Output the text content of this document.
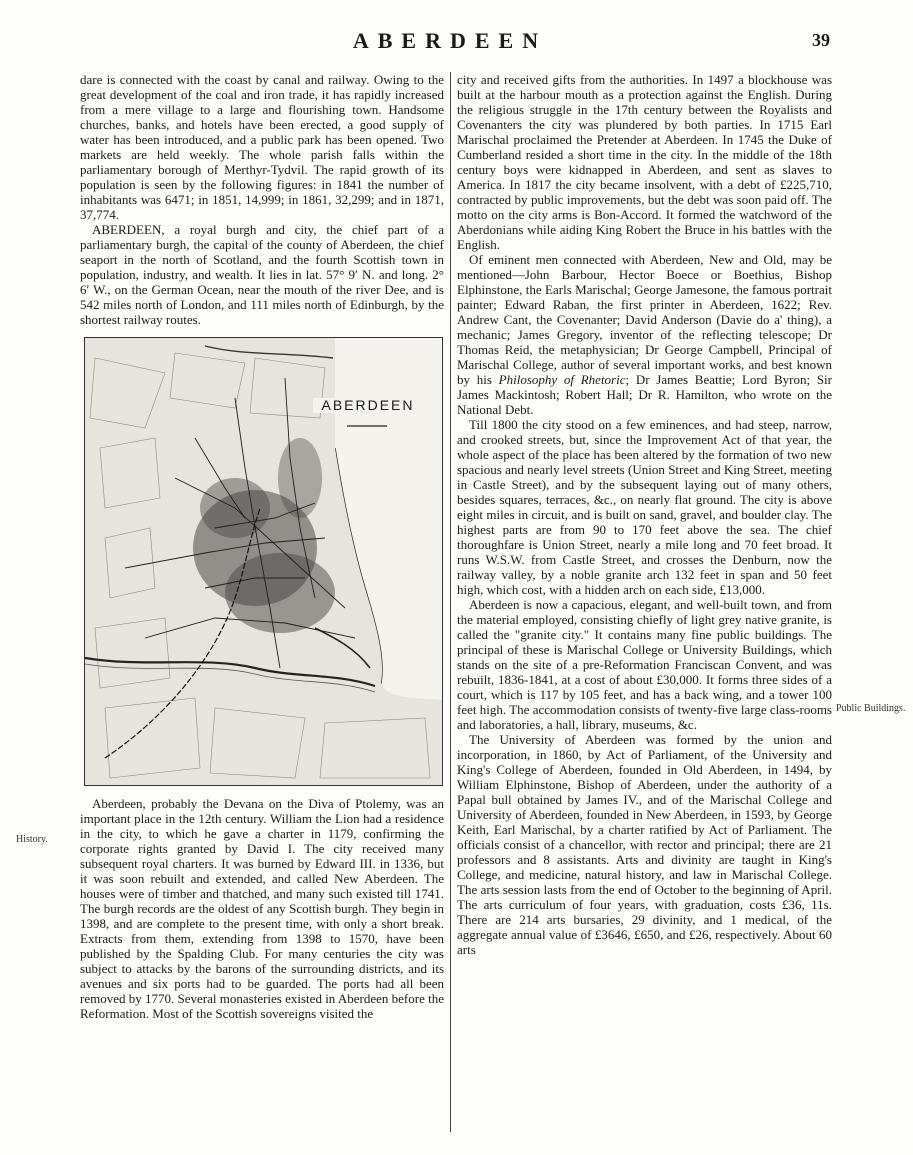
ABERDEEN	39
History.
Public Buildings.

dare is connected with the coast by canal and railway. Owing to the great development of the coal and iron trade, it has rapidly increased from a mere village to a large and flourishing town. Handsome churches, banks, and hotels have been erected, a good supply of water has been introduced, and a public park has been opened. Two markets are held weekly. The whole parish falls within the parliamentary borough of Merthyr-Tydvil. The rapid growth of its population is seen by the following figures: in 1841 the number of inhabitants was 6471; in 1851, 14,999; in 1861, 32,299; and in 1871, 37,774.

ABERDEEN, a royal burgh and city, the chief part of a parliamentary burgh, the capital of the county of Aberdeen, the chief seaport in the north of Scotland, and the fourth Scottish town in population, industry, and wealth. It lies in lat. 57° 9′ N. and long. 2° 6′ W., on the German Ocean, near the mouth of the river Dee, and is 542 miles north of London, and 111 miles north of Edinburgh, by the shortest railway routes.

ABERDEEN

Aberdeen, probably the Devana on the Diva of Ptolemy, was an important place in the 12th century. William the Lion had a residence in the city, to which he gave a charter in 1179, confirming the corporate rights granted by David I. The city received many subsequent royal charters. It was burned by Edward III. in 1336, but it was soon rebuilt and extended, and called New Aberdeen. The houses were of timber and thatched, and many such existed till 1741. The burgh records are the oldest of any Scottish burgh. They begin in 1398, and are complete to the present time, with only a short break. Extracts from them, extending from 1398 to 1570, have been published by the Spalding Club. For many centuries the city was subject to attacks by the barons of the surrounding districts, and its avenues and six ports had to be guarded. The ports had all been removed by 1770. Several monasteries existed in Aberdeen before the Reformation. Most of the Scottish sovereigns visited the

city and received gifts from the authorities. In 1497 a blockhouse was built at the harbour mouth as a protection against the English. During the religious struggle in the 17th century between the Royalists and Covenanters the city was plundered by both parties. In 1715 Earl Marischal proclaimed the Pretender at Aberdeen. In 1745 the Duke of Cumberland resided a short time in the city. In the middle of the 18th century boys were kidnapped in Aberdeen, and sent as slaves to America. In 1817 the city became insolvent, with a debt of £225,710, contracted by public improvements, but the debt was soon paid off. The motto on the city arms is Bon-Accord. It formed the watchword of the Aberdonians while aiding King Robert the Bruce in his battles with the English.

Of eminent men connected with Aberdeen, New and Old, may be mentioned—John Barbour, Hector Boece or Boethius, Bishop Elphinstone, the Earls Marischal; George Jamesone, the famous portrait painter; Edward Raban, the first printer in Aberdeen, 1622; Rev. Andrew Cant, the Covenanter; David Anderson (Davie do a' thing), a mechanic; James Gregory, inventor of the reflecting telescope; Dr Thomas Reid, the metaphysician; Dr George Campbell, Principal of Marischal College, author of several important works, and best known by his Philosophy of Rhetoric; Dr James Beattie; Lord Byron; Sir James Mackintosh; Robert Hall; Dr R. Hamilton, who wrote on the National Debt.

Till 1800 the city stood on a few eminences, and had steep, narrow, and crooked streets, but, since the Improvement Act of that year, the whole aspect of the place has been altered by the formation of two new spacious and nearly level streets (Union Street and King Street, meeting in Castle Street), and by the subsequent laying out of many others, besides squares, terraces, &c., on nearly flat ground. The city is above eight miles in circuit, and is built on sand, gravel, and boulder clay. The highest parts are from 90 to 170 feet above the sea. The chief thoroughfare is Union Street, nearly a mile long and 70 feet broad. It runs W.S.W. from Castle Street, and crosses the Denburn, now the railway valley, by a noble granite arch 132 feet in span and 50 feet high, which cost, with a hidden arch on each side, £13,000.

Aberdeen is now a capacious, elegant, and well-built town, and from the material employed, consisting chiefly of light grey native granite, is called the "granite city." It contains many fine public buildings. The principal of these is Marischal College or University Buildings, which stands on the site of a pre-Reformation Franciscan Convent, and was rebuilt, 1836-1841, at a cost of about £30,000. It forms three sides of a court, which is 117 by 105 feet, and has a back wing, and a tower 100 feet high. The accommodation consists of twenty-five large class-rooms and laboratories, a hall, library, museums, &c.

The University of Aberdeen was formed by the union and incorporation, in 1860, by Act of Parliament, of the University and King's College of Aberdeen, founded in Old Aberdeen, in 1494, by William Elphinstone, Bishop of Aberdeen, under the authority of a Papal bull obtained by James IV., and of the Marischal College and University of Aberdeen, founded in New Aberdeen, in 1593, by George Keith, Earl Marischal, by a charter ratified by Act of Parliament. The officials consist of a chancellor, with rector and principal; there are 21 professors and 8 assistants. Arts and divinity are taught in King's College, and medicine, natural history, and law in Marischal College. The arts session lasts from the end of October to the beginning of April. The arts curriculum of four years, with graduation, costs £36, 11s. There are 214 arts bursaries, 29 divinity, and 1 medical, of the aggregate annual value of £3646, £650, and £26, respectively. About 60 arts
